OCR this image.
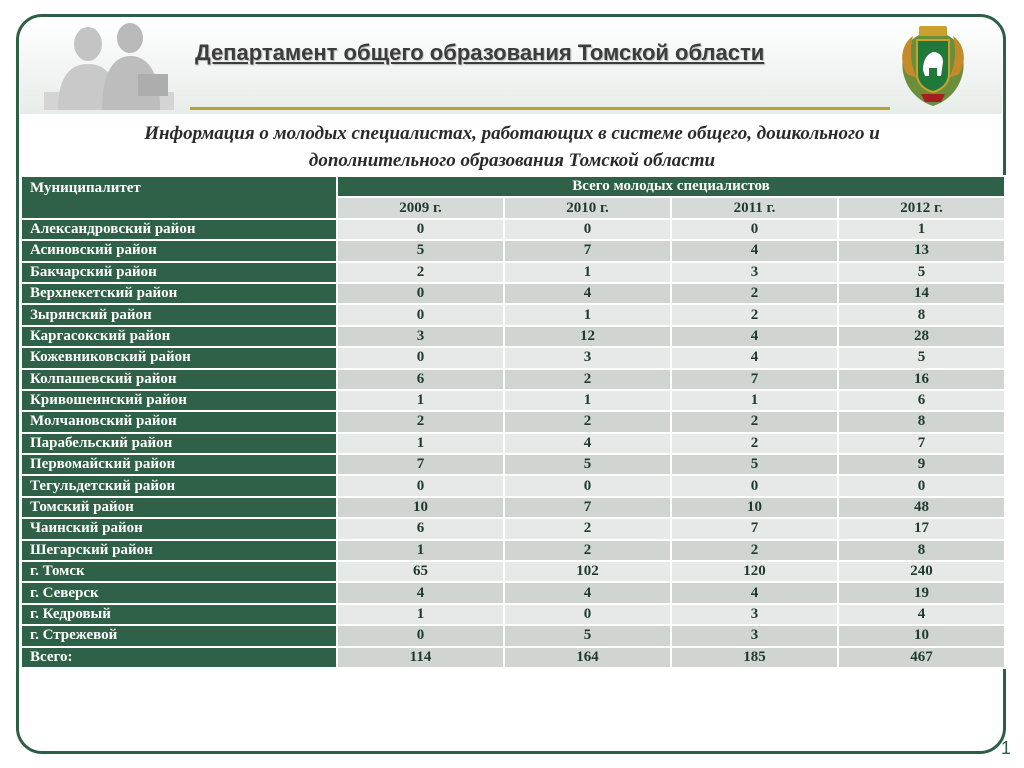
Департамент общего образования Томской области
Информация о молодых специалистах, работающих в системе общего, дошкольного и
дополнительного образования Томской области
Муниципалитет	Всего молодых специалистов			
	2009 г.	2010 г.	2011 г.	2012 г.
Александровский район	0	0	0	1
Асиновский район	5	7	4	13
Бакчарский район	2	1	3	5
Верхнекетский район	0	4	2	14
Зырянский район	0	1	2	8
Каргасокский район	3	12	4	28
Кожевниковский район	0	3	4	5
Колпашевский район	6	2	7	16
Кривошеинский район	1	1	1	6
Молчановский район	2	2	2	8
Парабельский район	1	4	2	7
Первомайский район	7	5	5	9
Тегульдетский район	0	0	0	0
Томский район	10	7	10	48
Чаинский район	6	2	7	17
Шегарский район	1	2	2	8
г. Томск	65	102	120	240
г. Северск	4	4	4	19
г. Кедровый	1	0	3	4
г. Стрежевой	0	5	3	10
Всего:	114	164	185	467
1
